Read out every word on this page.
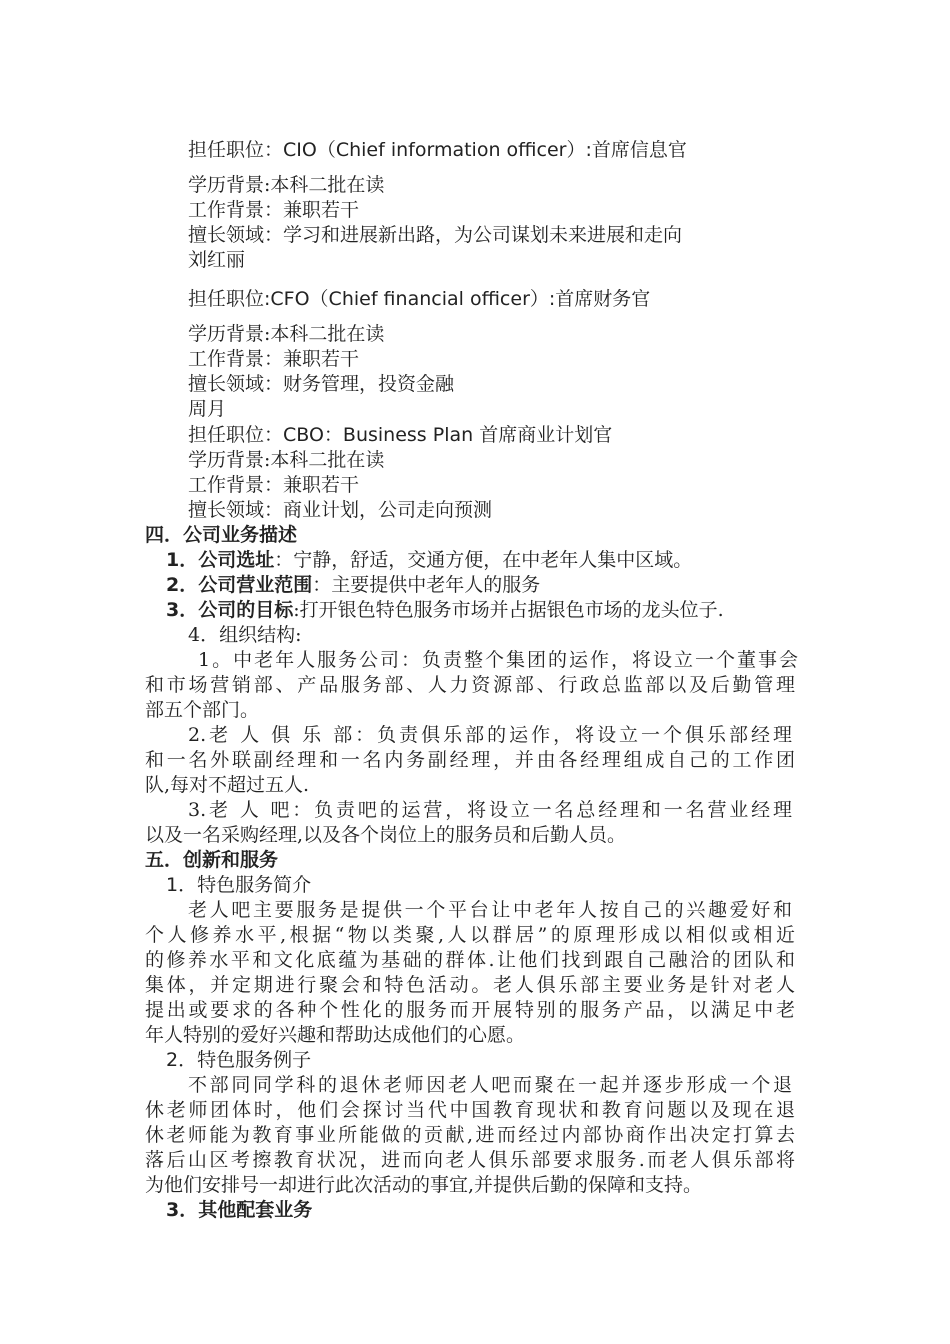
担任职位：CIO（Chief information officer）:首席信息官
学历背景:本科二批在读
工作背景：兼职若干
擅长领域：学习和进展新出路，为公司谋划未来进展和走向
刘红丽
担任职位:CFO（Chief financial officer）:首席财务官
学历背景:本科二批在读
工作背景：兼职若干
擅长领域：财务管理，投资金融
周月
担任职位：CBO：Business Plan 首席商业计划官
学历背景:本科二批在读
工作背景：兼职若干
擅长领域：商业计划，公司走向预测
四．公司业务描述
1．公司选址：宁静，舒适，交通方便，在中老年人集中区域。
2．公司营业范围：主要提供中老年人的服务
3．公司的目标:打开银色特色服务市场并占据银色市场的龙头位子.
4．组织结构:
1。中老年人服务公司：负责整个集团的运作，将设立一个董事会
和市场营销部、产品服务部、人力资源部、行政总监部以及后勤管理
部五个部门。
2.老 人 俱 乐 部：负责俱乐部的运作，将设立一个俱乐部经理
和一名外联副经理和一名内务副经理，并由各经理组成自己的工作团
队,每对不超过五人.
3.老 人 吧：负责吧的运营，将设立一名总经理和一名营业经理
以及一名采购经理,以及各个岗位上的服务员和后勤人员。
五．创新和服务
1．特色服务简介
老人吧主要服务是提供一个平台让中老年人按自己的兴趣爱好和
个人修养水平,根据“物以类聚,人以群居”的原理形成以相似或相近
的修养水平和文化底蕴为基础的群体.让他们找到跟自己融洽的团队和
集体，并定期进行聚会和特色活动。老人俱乐部主要业务是针对老人
提出或要求的各种个性化的服务而开展特别的服务产品，以满足中老
年人特别的爱好兴趣和帮助达成他们的心愿。
2．特色服务例子
不部同同学科的退休老师因老人吧而聚在一起并逐步形成一个退
休老师团体时，他们会探讨当代中国教育现状和教育问题以及现在退
休老师能为教育事业所能做的贡献,进而经过内部协商作出决定打算去
落后山区考擦教育状况，进而向老人俱乐部要求服务.而老人俱乐部将
为他们安排号一却进行此次活动的事宜,并提供后勤的保障和支持。
3．其他配套业务
